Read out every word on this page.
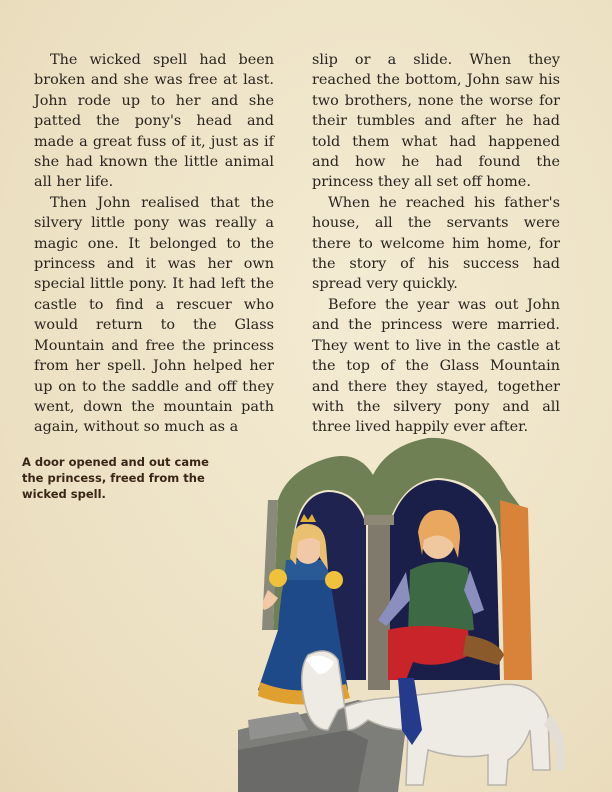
The wicked spell had been broken and she was free at last. John rode up to her and she patted the pony's head and made a great fuss of it, just as if she had known the little animal all her life.

Then John realised that the silvery little pony was really a magic one. It belonged to the princess and it was her own special little pony. It had left the castle to find a rescuer who would return to the Glass Mountain and free the princess from her spell. John helped her up on to the saddle and off they went, down the mountain path again, without so much as a

slip or a slide. When they reached the bottom, John saw his two brothers, none the worse for their tumbles and after he had told them what had happened and how he had found the princess they all set off home.

When he reached his father's house, all the servants were there to welcome him home, for the story of his success had spread very quickly.

Before the year was out John and the princess were married. They went to live in the castle at the top of the Glass Mountain and there they stayed, together with the silvery pony and all three lived happily ever after.

A door opened and out came the princess, freed from the wicked spell.
